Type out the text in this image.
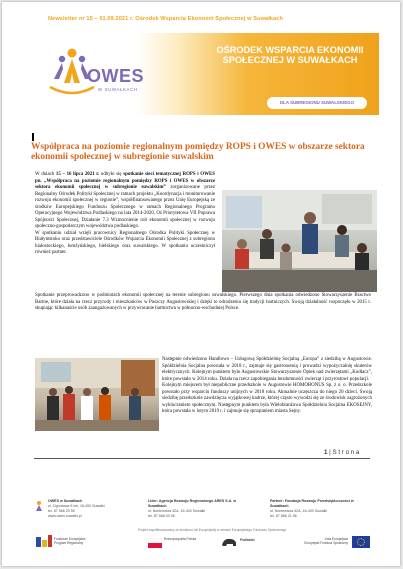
Newsletter nr 15 – 01.09.2021 r. Ośrodek Wsparcia Ekonomii Społecznej w Suwałkach
OWES
W SUWAŁKACH
OŚRODEK WSPARCIA EKONOMII SPOŁECZNEJ W SUWAŁKACH
DLA SUBREGIONU SUWALSKIEGO
Współpraca na poziomie regionalnym pomiędzy ROPS i OWES w obszarze sektora ekonomii społecznej w subregionie suwalskim
W dniach 15 – 16 lipca 2021 r. odbyło się spotkanie sieci tematycznej ROPS i OWES pn. „Współpraca na poziomie regionalnym pomiędzy ROPS i OWES w obszarze sektora ekonomii społecznej w subregionie suwalskim” zorganizowane przez Regionalny Ośrodek Polityki Społecznej w ramach projektu „Koordynacja i monitorowanie rozwoju ekonomii społecznej w regionie”, współfinansowanego przez Unię Europejską ze środków Europejskiego Funduszu Społecznego w ramach Regionalnego Programu Operacyjnego Województwa Podlaskiego na lata 2014-2020, Oś Priorytetowa VII Poprawa Spójności Społecznej, Działanie 7.3 Wzmocnienie roli ekonomii społecznej w rozwoju społeczno-gospodarczym województwa podlaskiego.
W spotkaniu udział wzięli pracownicy Regionalnego Ośrodka Polityki Społecznej w Białymstoku oraz przedstawiciele Ośrodków Wsparcia Ekonomii Społecznej z subregionu białostockiego, łomżyńskiego, bielskiego oraz suwalskiego. W spotkaniu uczestniczył również partner.
Spotkanie przeprowadzono w podmiotach ekonomii społecznej na terenie subregionu suwalskiego. Pierwszego dnia spotkania odwiedzono Stowarzyszenie Bractwo Bartne, które działa na rzecz przyrody i mieszkańców w Puszczy Augustowskiej i dzięki to odrodzeniu się tradycji bartniczych. Swoją działalność rozpoczęło w 2015 r. skupiając kilkanaście osób zaangażowanych w przywracanie bartnictwa w północno-wschodniej Polsce.
Następnie odwiedzono Handlowo – Usługową Spółdzielnię Socjalną „Europa” z siedzibą w Augustowie. Spółdzielnia Socjalna powstała w 2018 r., zajmuje się gastronomią i prowadzi wypożyczalnię skuterów elektrycznych. Kolejnym punktem było Augustowskie Stowarzyszenie Opiek nad zwierzętami „Kudłacz”, które powstało w 2014 roku. Działa na rzecz zapobiegania bezdomności zwierząt i przyrostowi populacji.
Kolejnym miejscem był niepubliczne przedszkole w Augustowie HOMOBONUS Sp. z o. o. Przedszkole powstało przy wsparciu funduszy unijnych w 2018 roku. Aktualnie uczęszcza do niego 20 dzieci. Swoją siedzibę przedszkole zawdzięcza wyjątkowej kadrze, której często wywodzi się ze środowisk zagrożonych wykluczeniem społecznym. Następnym punktem była Wielobranżowa Spółdzielnia Socjalna EKOSEJNY, która powstała w lutym 2019 r. i zajmuje się sprzątaniem miasta Sejny.
1 | S t r o n a
OWES w Suwałkach
ul. Ogrodowa 5 lok. 16-400 Suwałki
tel. 87 566 20 55
www.owes.suwalki.pl
Lider: Agencja Rozwoju Regionalnego ARES S.A. w Suwałkach
ul. Noniewicza 42A, 16-400 Suwałki
tel. 87 566 03 06
Partner: Fundacja Rozwoju Przedsiębiorczości w Suwałkach
ul. Noniewicza 42A, 16-400 Suwałki
tel. 87 566 21 86
Projekt współfinansowany ze środków Unii Europejskiej w ramach Europejskiego Funduszu Społecznego
Fundusze Europejskie
Program Regionalny
Rzeczpospolita Polska	Podlaskie	Unia Europejska
Europejski Fundusz Społeczny
